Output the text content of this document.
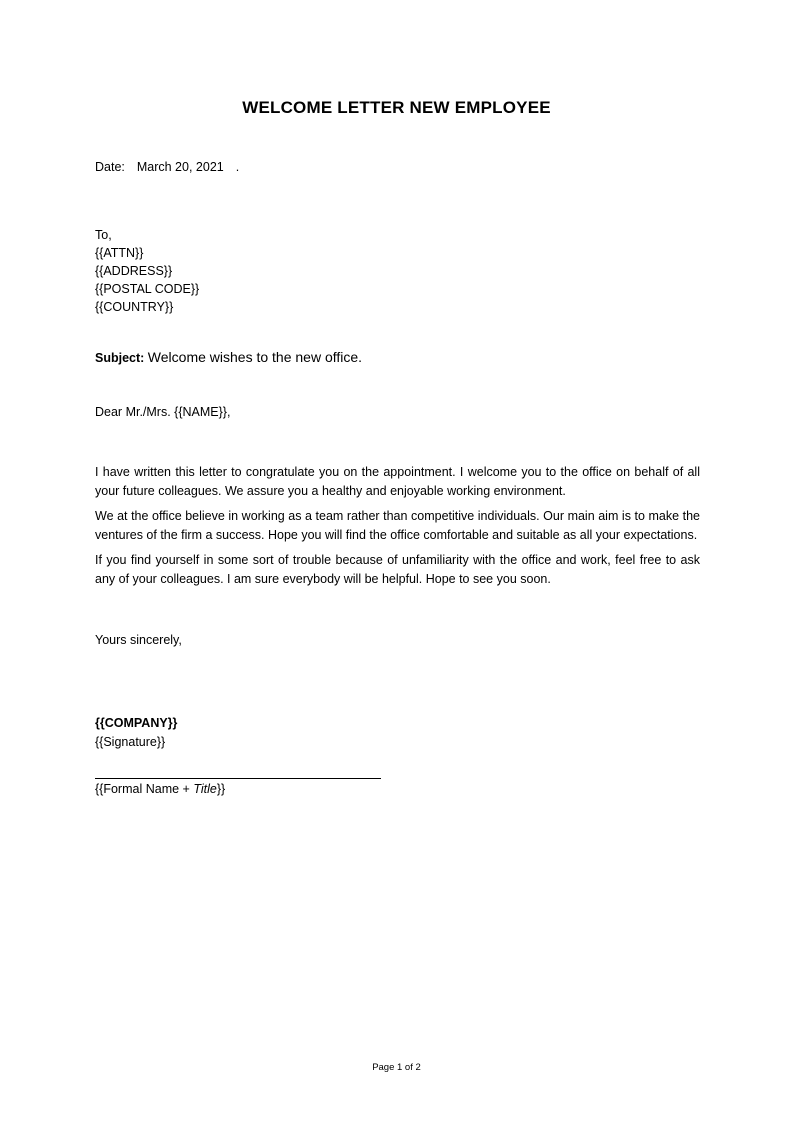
WELCOME LETTER NEW EMPLOYEE
Date: March 20, 2021 .
To,
{{ATTN}}
{{ADDRESS}}
{{POSTAL CODE}}
{{COUNTRY}}
Subject: Welcome wishes to the new office.
Dear Mr./Mrs. {{NAME}},

I have written this letter to congratulate you on the appointment. I welcome you to the office on behalf of all your future colleagues. We assure you a healthy and enjoyable working environment.

We at the office believe in working as a team rather than competitive individuals. Our main aim is to make the ventures of the firm a success. Hope you will find the office comfortable and suitable as all your expectations.

If you find yourself in some sort of trouble because of unfamiliarity with the office and work, feel free to ask any of your colleagues. I am sure everybody will be helpful. Hope to see you soon.

Yours sincerely,
{{COMPANY}}
{{Signature}}
{{Formal Name + Title}}
Page 1 of 2
